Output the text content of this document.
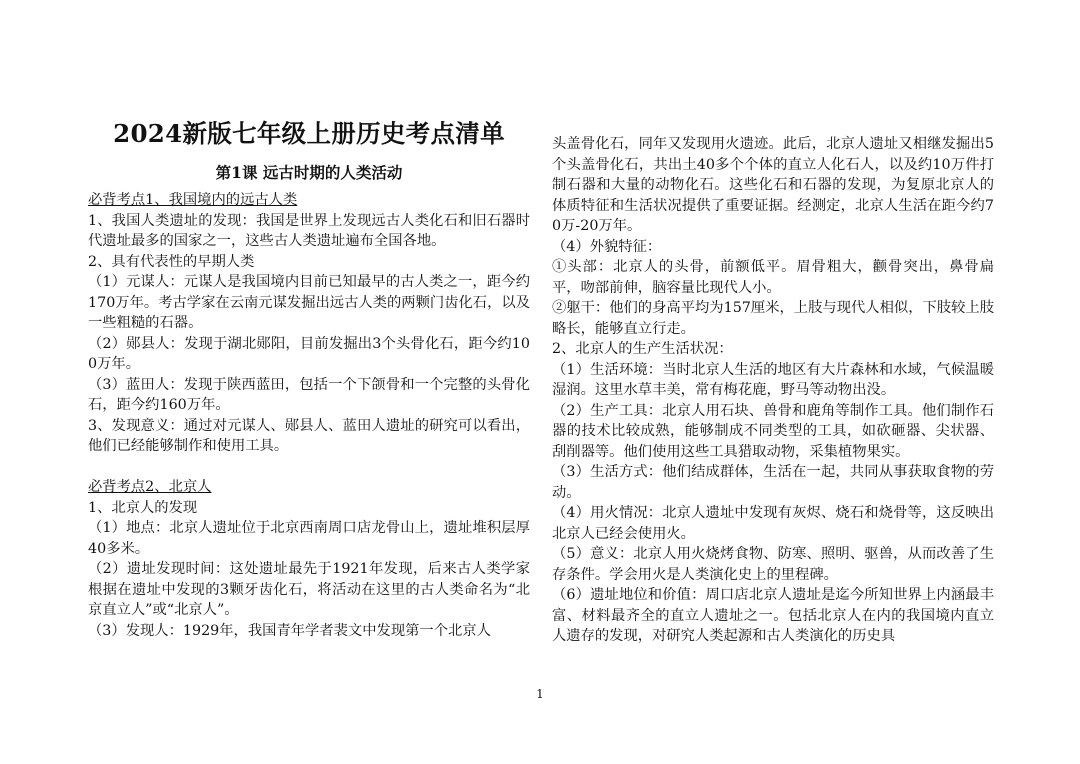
2024新版七年级上册历史考点清单
第1课 远古时期的人类活动
必背考点1、我国境内的远古人类
1、我国人类遗址的发现：我国是世界上发现远古人类化石和旧石器时代遗址最多的国家之一，这些古人类遗址遍布全国各地。
2、具有代表性的早期人类
（1）元谋人：元谋人是我国境内目前已知最早的古人类之一，距今约170万年。考古学家在云南元谋发掘出远古人类的两颗门齿化石，以及一些粗糙的石器。
（2）郧县人：发现于湖北郧阳，目前发掘出3个头骨化石，距今约100万年。
（3）蓝田人：发现于陕西蓝田，包括一个下颌骨和一个完整的头骨化石，距今约160万年。
3、发现意义：通过对元谋人、郧县人、蓝田人遗址的研究可以看出，他们已经能够制作和使用工具。
必背考点2、北京人
1、北京人的发现
（1）地点：北京人遗址位于北京西南周口店龙骨山上，遗址堆积层厚40多米。
（2）遗址发现时间：这处遗址最先于1921年发现，后来古人类学家根据在遗址中发现的3颗牙齿化石，将活动在这里的古人类命名为“北京直立人”或“北京人”。
（3）发现人：1929年，我国青年学者裴文中发现第一个北京人
头盖骨化石，同年又发现用火遗迹。此后，北京人遗址又相继发掘出5个头盖骨化石，共出土40多个个体的直立人化石人，以及约10万件打制石器和大量的动物化石。这些化石和石器的发现，为复原北京人的体质特征和生活状况提供了重要证据。经测定，北京人生活在距今约70万-20万年。
（4）外貌特征：
①头部：北京人的头骨，前额低平。眉骨粗大，颧骨突出，鼻骨扁平，吻部前伸，脑容量比现代人小。
②躯干：他们的身高平均为157厘米，上肢与现代人相似，下肢较上肢略长，能够直立行走。
2、北京人的生产生活状况：
（1）生活环境：当时北京人生活的地区有大片森林和水域，气候温暖湿润。这里水草丰美，常有梅花鹿，野马等动物出没。
（2）生产工具：北京人用石块、兽骨和鹿角等制作工具。他们制作石器的技术比较成熟，能够制成不同类型的工具，如砍砸器、尖状器、刮削器等。他们使用这些工具猎取动物，采集植物果实。
（3）生活方式：他们结成群体，生活在一起，共同从事获取食物的劳动。
（4）用火情况：北京人遗址中发现有灰烬、烧石和烧骨等，这反映出北京人已经会使用火。
（5）意义：北京人用火烧烤食物、防寒、照明、驱兽，从而改善了生存条件。学会用火是人类演化史上的里程碑。
（6）遗址地位和价值：周口店北京人遗址是迄今所知世界上内涵最丰富、材料最齐全的直立人遗址之一。包括北京人在内的我国境内直立人遗存的发现，对研究人类起源和古人类演化的历史具
1
